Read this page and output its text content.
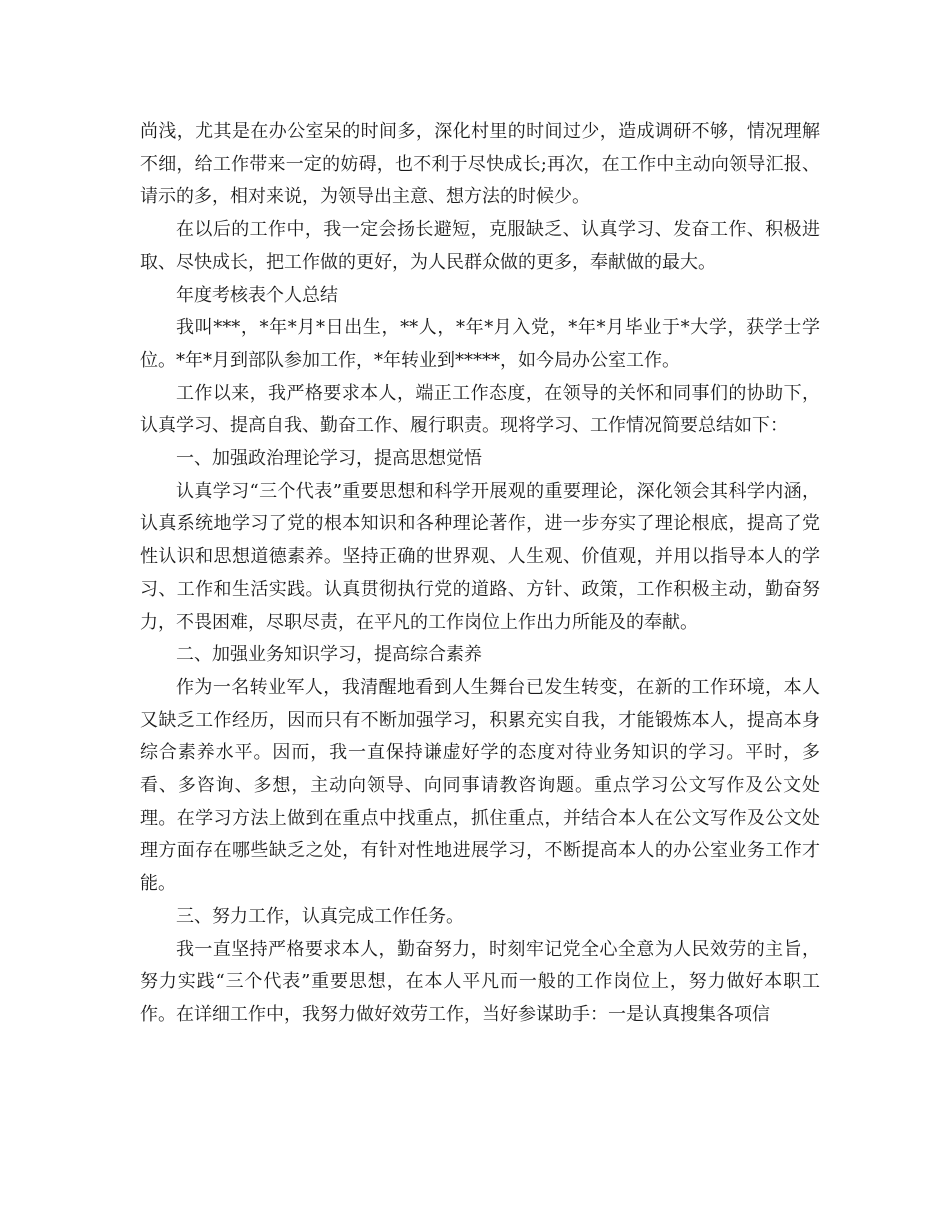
尚浅，尤其是在办公室呆的时间多，深化村里的时间过少，造成调研不够，情况理解不细，给工作带来一定的妨碍，也不利于尽快成长;再次，在工作中主动向领导汇报、请示的多，相对来说，为领导出主意、想方法的时候少。

在以后的工作中，我一定会扬长避短，克服缺乏、认真学习、发奋工作、积极进取、尽快成长，把工作做的更好，为人民群众做的更多，奉献做的最大。

年度考核表个人总结

我叫***，*年*月*日出生，**人，*年*月入党，*年*月毕业于*大学，获学士学位。*年*月到部队参加工作，*年转业到*****，如今局办公室工作。

工作以来，我严格要求本人，端正工作态度，在领导的关怀和同事们的协助下，认真学习、提高自我、勤奋工作、履行职责。现将学习、工作情况简要总结如下：

一、加强政治理论学习，提高思想觉悟

认真学习“三个代表”重要思想和科学开展观的重要理论，深化领会其科学内涵，认真系统地学习了党的根本知识和各种理论著作，进一步夯实了理论根底，提高了党性认识和思想道德素养。坚持正确的世界观、人生观、价值观，并用以指导本人的学习、工作和生活实践。认真贯彻执行党的道路、方针、政策，工作积极主动，勤奋努力，不畏困难，尽职尽责，在平凡的工作岗位上作出力所能及的奉献。

二、加强业务知识学习，提高综合素养

作为一名转业军人，我清醒地看到人生舞台已发生转变，在新的工作环境，本人又缺乏工作经历，因而只有不断加强学习，积累充实自我，才能锻炼本人，提高本身综合素养水平。因而，我一直保持谦虚好学的态度对待业务知识的学习。平时，多看、多咨询、多想，主动向领导、向同事请教咨询题。重点学习公文写作及公文处理。在学习方法上做到在重点中找重点，抓住重点，并结合本人在公文写作及公文处理方面存在哪些缺乏之处，有针对性地进展学习，不断提高本人的办公室业务工作才能。

三、努力工作，认真完成工作任务。

我一直坚持严格要求本人，勤奋努力，时刻牢记党全心全意为人民效劳的主旨，努力实践“三个代表”重要思想，在本人平凡而一般的工作岗位上，努力做好本职工作。在详细工作中，我努力做好效劳工作，当好参谋助手：一是认真搜集各项信
